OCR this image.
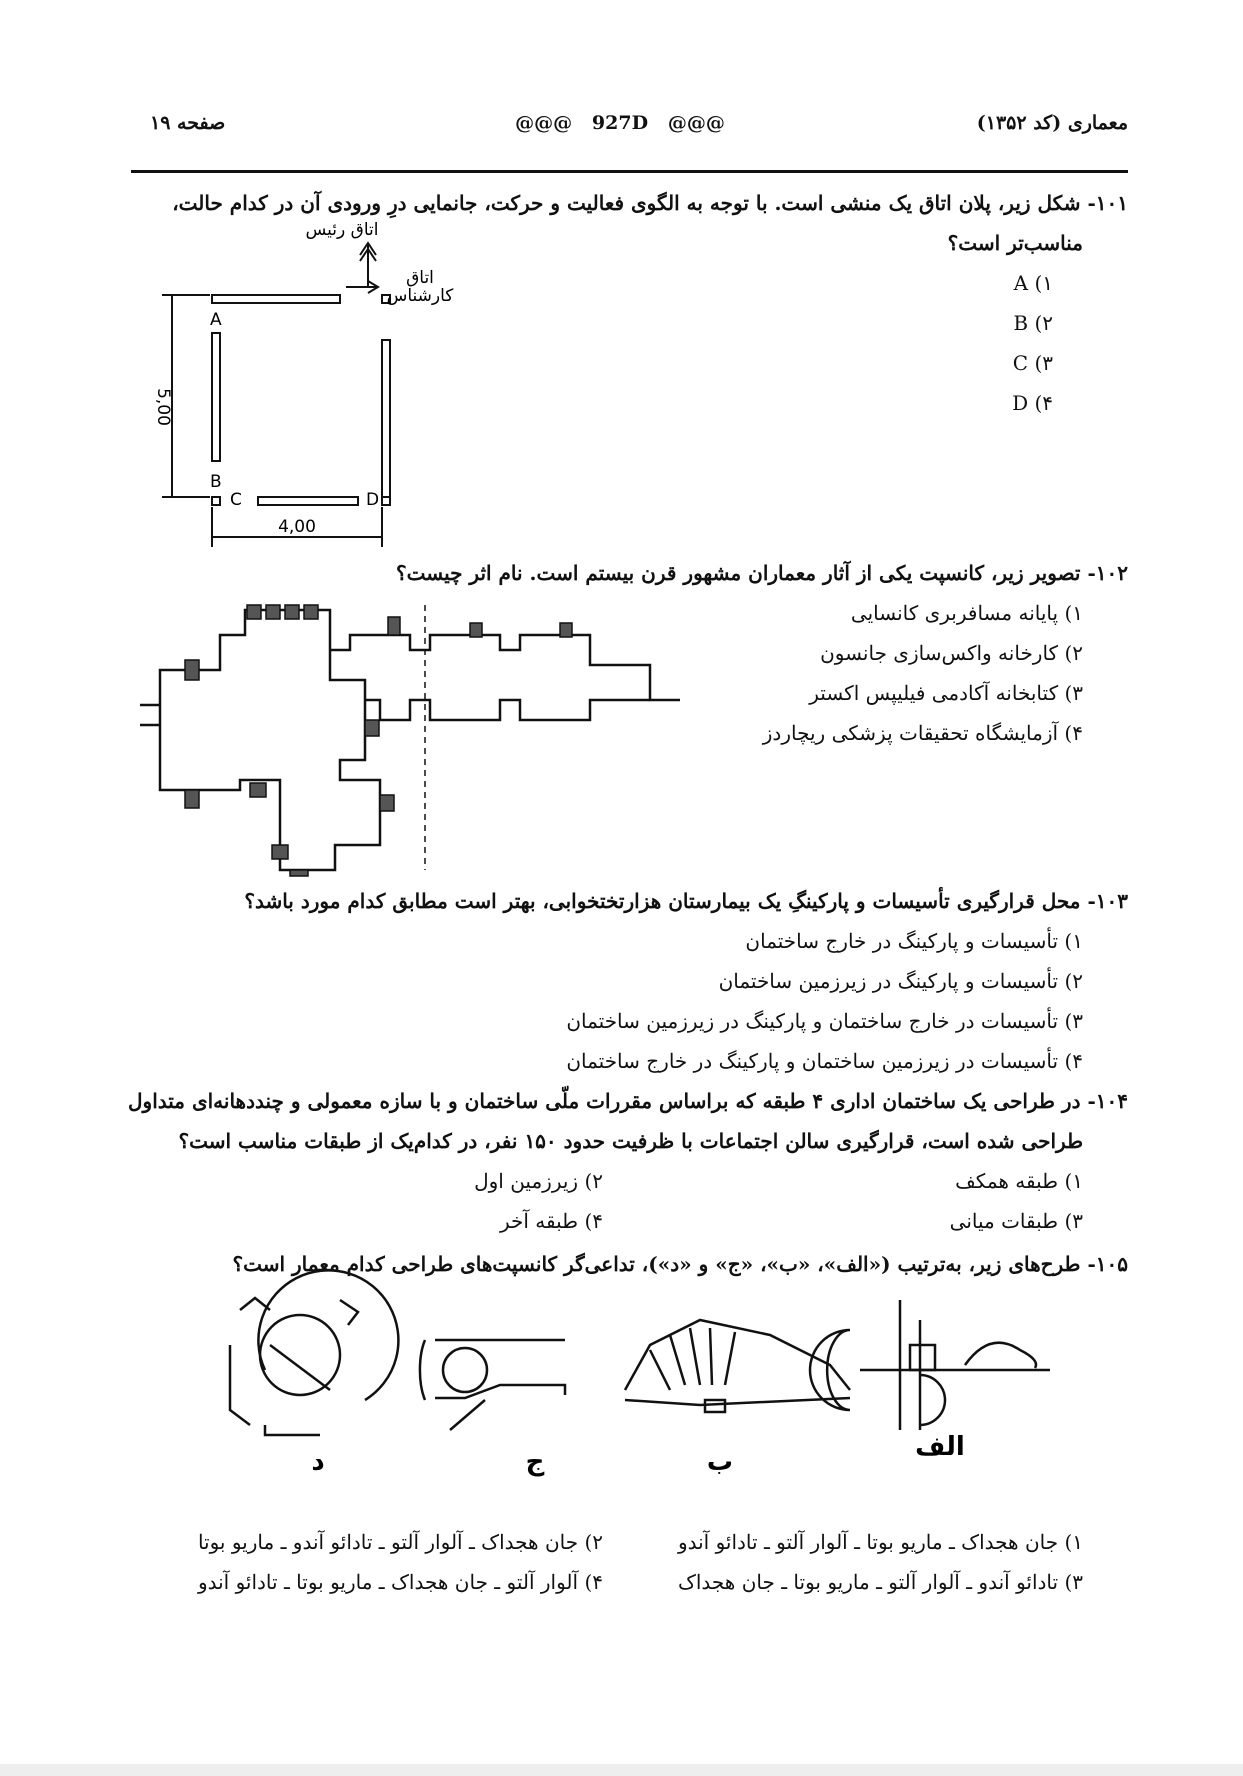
معماری (کد ۱۳۵۲)
@@@   927D   @@@
صفحه ۱۹
۱۰۱- شکل زیر، پلان اتاق یک منشی است. با توجه به الگوی فعالیت و حرکت، جانمایی درِ ورودی آن در کدام حالت،
مناسب‌تر است؟
A (۱
B (۲
C (۳
D (۴
اتاق رئیس
اتاق
کارشناس
A
B
C	D
5,00
4,00
۱۰۲- تصویر زیر، کانسپت یکی از آثار معماران مشهور قرن بیستم است. نام اثر چیست؟
۱) پایانه مسافربری کانسایی
۲) کارخانه واکس‌سازی جانسون
۳) کتابخانه آکادمی فیلیپس اکستر
۴) آزمایشگاه تحقیقات پزشکی ریچاردز
۱۰۳- محل قرارگیری تأسیسات و پارکینگِ یک بیمارستان هزارتختخوابی، بهتر است مطابق کدام مورد باشد؟
۱) تأسیسات و پارکینگ در خارج ساختمان
۲) تأسیسات و پارکینگ در زیرزمین ساختمان
۳) تأسیسات در خارج ساختمان و پارکینگ در زیرزمین ساختمان
۴) تأسیسات در زیرزمین ساختمان و پارکینگ در خارج ساختمان
۱۰۴- در طراحی یک ساختمان اداری ۴ طبقه که براساس مقررات ملّی ساختمان و با سازه معمولی و چنددهانه‌ای متداول
طراحی شده است، قرارگیری سالن اجتماعات با ظرفیت حدود ۱۵۰ نفر، در کدام‌یک از طبقات مناسب است؟
۱) طبقه همکف
۲) زیرزمین اول
۳) طبقات میانی
۴) طبقه آخر
۱۰۵- طرح‌های زیر، به‌ترتیب («الف»، «ب»، «ج» و «د»)، تداعی‌گر کانسپت‌های طراحی کدام معمار است؟
د	ج	ب	الف
۱) جان هجداک ـ ماریو بوتا ـ آلوار آلتو ـ تادائو آندو
۲) جان هجداک ـ آلوار آلتو ـ تادائو آندو ـ ماریو بوتا
۳) تادائو آندو ـ آلوار آلتو ـ ماریو بوتا ـ جان هجداک
۴) آلوار آلتو ـ جان هجداک ـ ماریو بوتا ـ تادائو آندو
